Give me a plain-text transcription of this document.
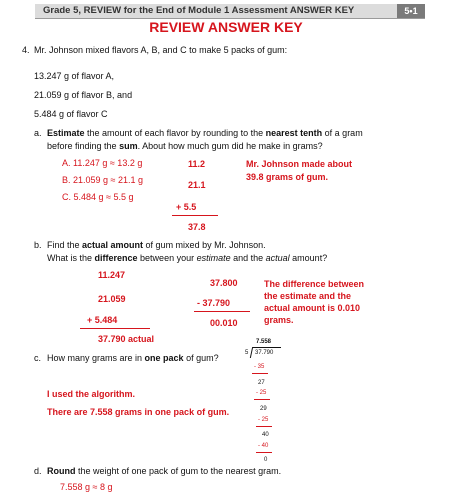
Grade 5, REVIEW for the End of Module 1 Assessment ANSWER KEY	5•1
REVIEW ANSWER KEY
4. Mr. Johnson mixed flavors A, B, and C to make 5 packs of gum:
13.247 g of flavor A,
21.059 g of flavor B, and
5.484 g of flavor C
a. Estimate the amount of each flavor by rounding to the nearest tenth of a gram
before finding the sum. About how much gum did he make in grams?
A. 11.247 g ≈ 13.2 g
B. 21.059 g ≈ 21.1 g
C. 5.484 g ≈ 5.5 g
11.2
21.1
+ 5.5
37.8
Mr. Johnson made about
39.8 grams of gum.
b. Find the actual amount of gum mixed by Mr. Johnson.
What is the difference between your estimate and the actual amount?
11.247
21.059
+ 5.484
37.790 actual
37.800
- 37.790
00.010
The difference between
the estimate and the
actual amount is 0.010
grams.
c. How many grams are in one pack of gum?
I used the algorithm.
There are 7.558 grams in one pack of gum.
7.558
5 37.790
- 35
27
- 25
29
- 25
40
- 40
0
d. Round the weight of one pack of gum to the nearest gram.
7.558 g ≈ 8 g
